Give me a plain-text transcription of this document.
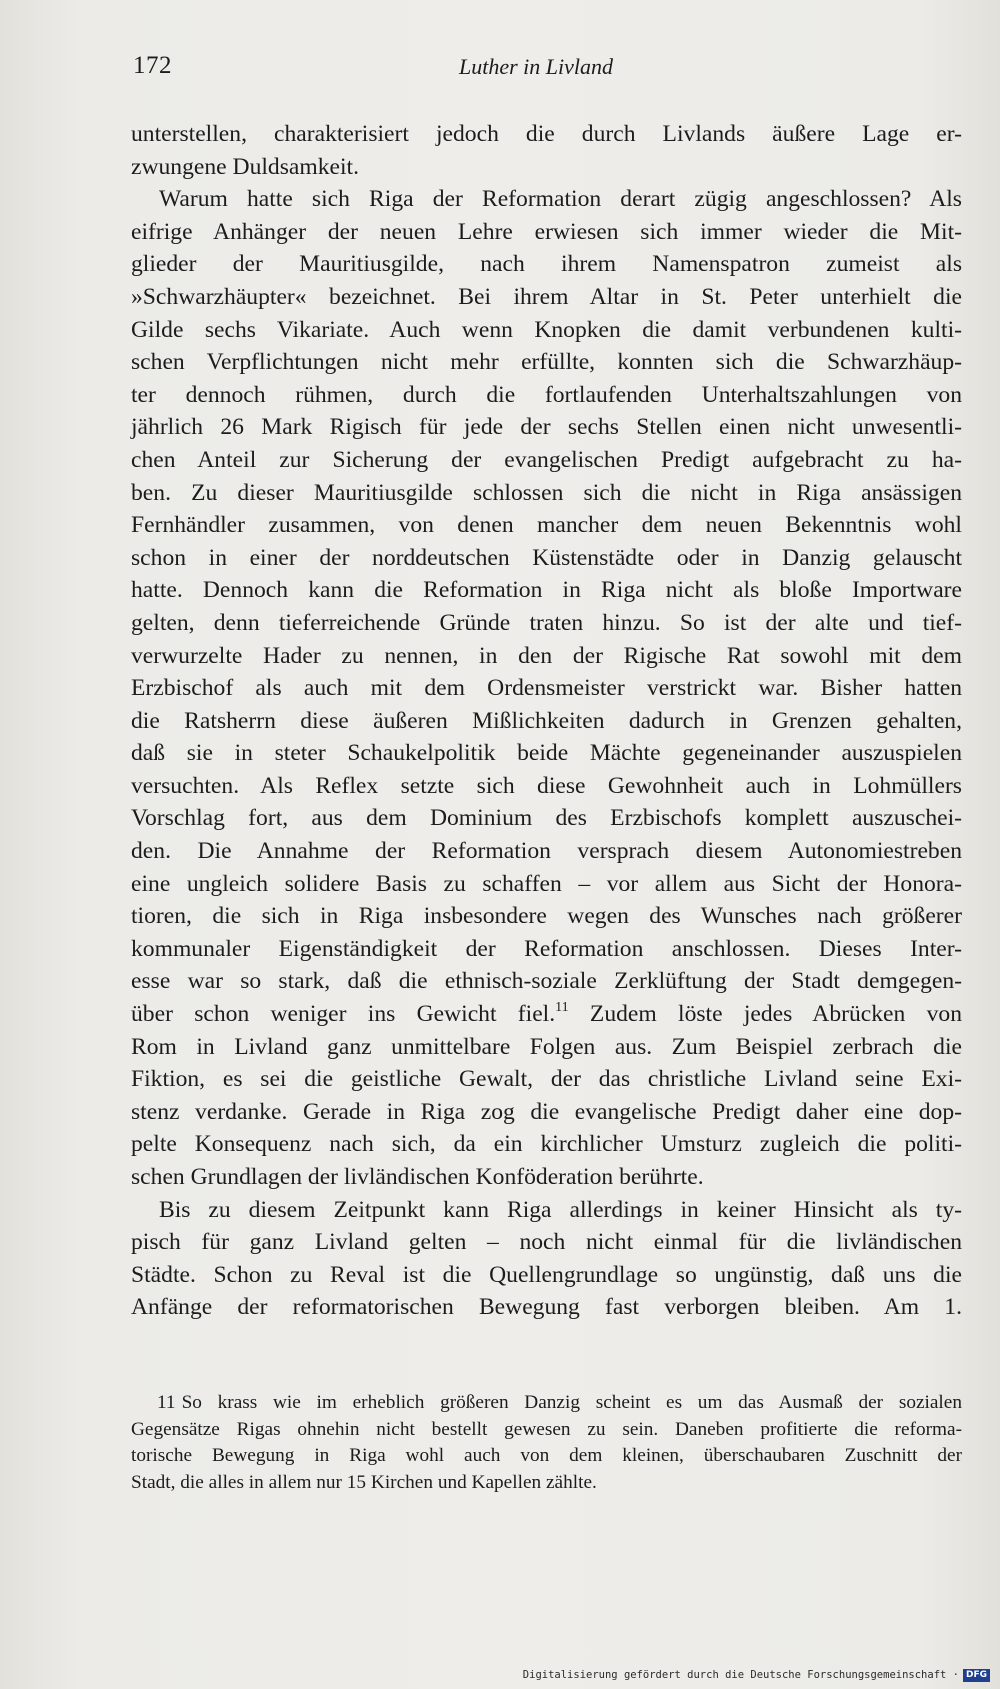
172	Luther in Livland
unterstellen, charakterisiert jedoch die durch Livlands äußere Lage er-
zwungene Duldsamkeit.
Warum hatte sich Riga der Reformation derart zügig angeschlossen? Als
eifrige Anhänger der neuen Lehre erwiesen sich immer wieder die Mit-
glieder der Mauritiusgilde, nach ihrem Namenspatron zumeist als
»Schwarzhäupter« bezeichnet. Bei ihrem Altar in St. Peter unterhielt die
Gilde sechs Vikariate. Auch wenn Knopken die damit verbundenen kulti-
schen Verpflichtungen nicht mehr erfüllte, konnten sich die Schwarzhäup-
ter dennoch rühmen, durch die fortlaufenden Unterhaltszahlungen von
jährlich 26 Mark Rigisch für jede der sechs Stellen einen nicht unwesentli-
chen Anteil zur Sicherung der evangelischen Predigt aufgebracht zu ha-
ben. Zu dieser Mauritiusgilde schlossen sich die nicht in Riga ansässigen
Fernhändler zusammen, von denen mancher dem neuen Bekenntnis wohl
schon in einer der norddeutschen Küstenstädte oder in Danzig gelauscht
hatte. Dennoch kann die Reformation in Riga nicht als bloße Importware
gelten, denn tieferreichende Gründe traten hinzu. So ist der alte und tief-
verwurzelte Hader zu nennen, in den der Rigische Rat sowohl mit dem
Erzbischof als auch mit dem Ordensmeister verstrickt war. Bisher hatten
die Ratsherrn diese äußeren Mißlichkeiten dadurch in Grenzen gehalten,
daß sie in steter Schaukelpolitik beide Mächte gegeneinander auszuspielen
versuchten. Als Reflex setzte sich diese Gewohnheit auch in Lohmüllers
Vorschlag fort, aus dem Dominium des Erzbischofs komplett auszuschei-
den. Die Annahme der Reformation versprach diesem Autonomiestreben
eine ungleich solidere Basis zu schaffen – vor allem aus Sicht der Honora-
tioren, die sich in Riga insbesondere wegen des Wunsches nach größerer
kommunaler Eigenständigkeit der Reformation anschlossen. Dieses Inter-
esse war so stark, daß die ethnisch-soziale Zerklüftung der Stadt demgegen-
über schon weniger ins Gewicht fiel.$^{11}$ Zudem löste jedes Abrücken von
Rom in Livland ganz unmittelbare Folgen aus. Zum Beispiel zerbrach die
Fiktion, es sei die geistliche Gewalt, der das christliche Livland seine Exi-
stenz verdanke. Gerade in Riga zog die evangelische Predigt daher eine dop-
pelte Konsequenz nach sich, da ein kirchlicher Umsturz zugleich die politi-
schen Grundlagen der livländischen Konföderation berührte.
Bis zu diesem Zeitpunkt kann Riga allerdings in keiner Hinsicht als ty-
pisch für ganz Livland gelten – noch nicht einmal für die livländischen
Städte. Schon zu Reval ist die Quellengrundlage so ungünstig, daß uns die
Anfänge der reformatorischen Bewegung fast verborgen bleiben. Am 1.
11 So krass wie im erheblich größeren Danzig scheint es um das Ausmaß der sozialen
Gegensätze Rigas ohnehin nicht bestellt gewesen zu sein. Daneben profitierte die reforma-
torische Bewegung in Riga wohl auch von dem kleinen, überschaubaren Zuschnitt der
Stadt, die alles in allem nur 15 Kirchen und Kapellen zählte.
Digitalisierung gefördert durch die Deutsche Forschungsgemeinschaft · DFG
